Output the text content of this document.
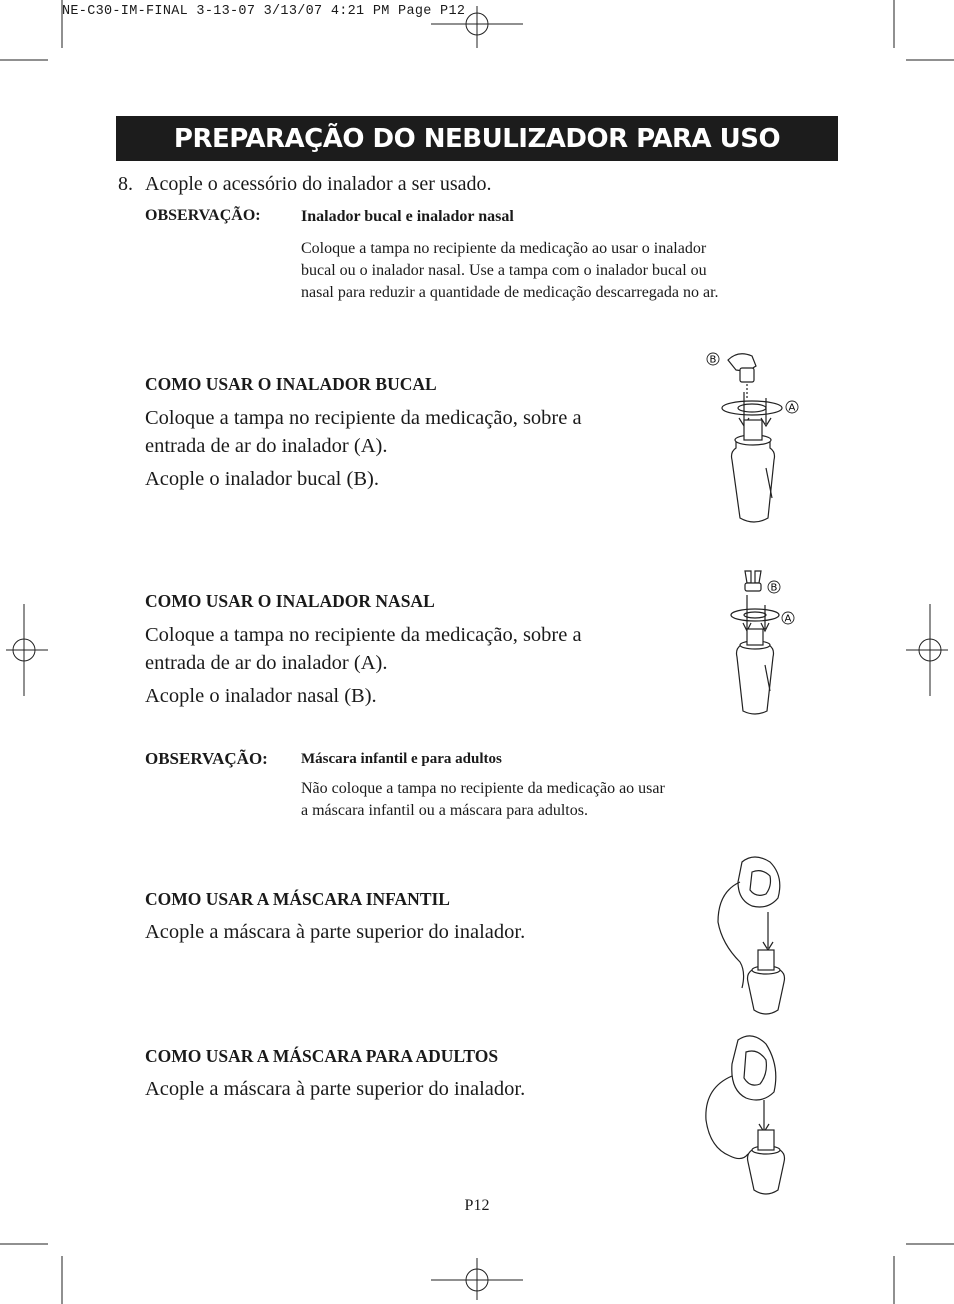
NE-C30-IM-FINAL 3-13-07 3/13/07 4:21 PM Page P12
PREPARAÇÃO DO NEBULIZADOR PARA USO
8. Acople o acessório do inalador a ser usado.
OBSERVAÇÃO:	Inalador bucal e inalador nasal
Coloque a tampa no recipiente da medicação ao usar o inalador
bucal ou o inalador nasal. Use a tampa com o inalador bucal ou
nasal para reduzir a quantidade de medicação descarregada no ar.
COMO USAR O INALADOR BUCAL
Coloque a tampa no recipiente da medicação, sobre a
entrada de ar do inalador (A).
Acople o inalador bucal (B).
COMO USAR O INALADOR NASAL
Coloque a tampa no recipiente da medicação, sobre a
entrada de ar do inalador (A).
Acople o inalador nasal (B).
OBSERVAÇÃO: Máscara infantil e para adultos
Não coloque a tampa no recipiente da medicação ao usar
a máscara infantil ou a máscara para adultos.
COMO USAR A MÁSCARA INFANTIL
Acople a máscara à parte superior do inalador.
COMO USAR A MÁSCARA PARA ADULTOS
Acople a máscara à parte superior do inalador.
B
A
B
A
P12
